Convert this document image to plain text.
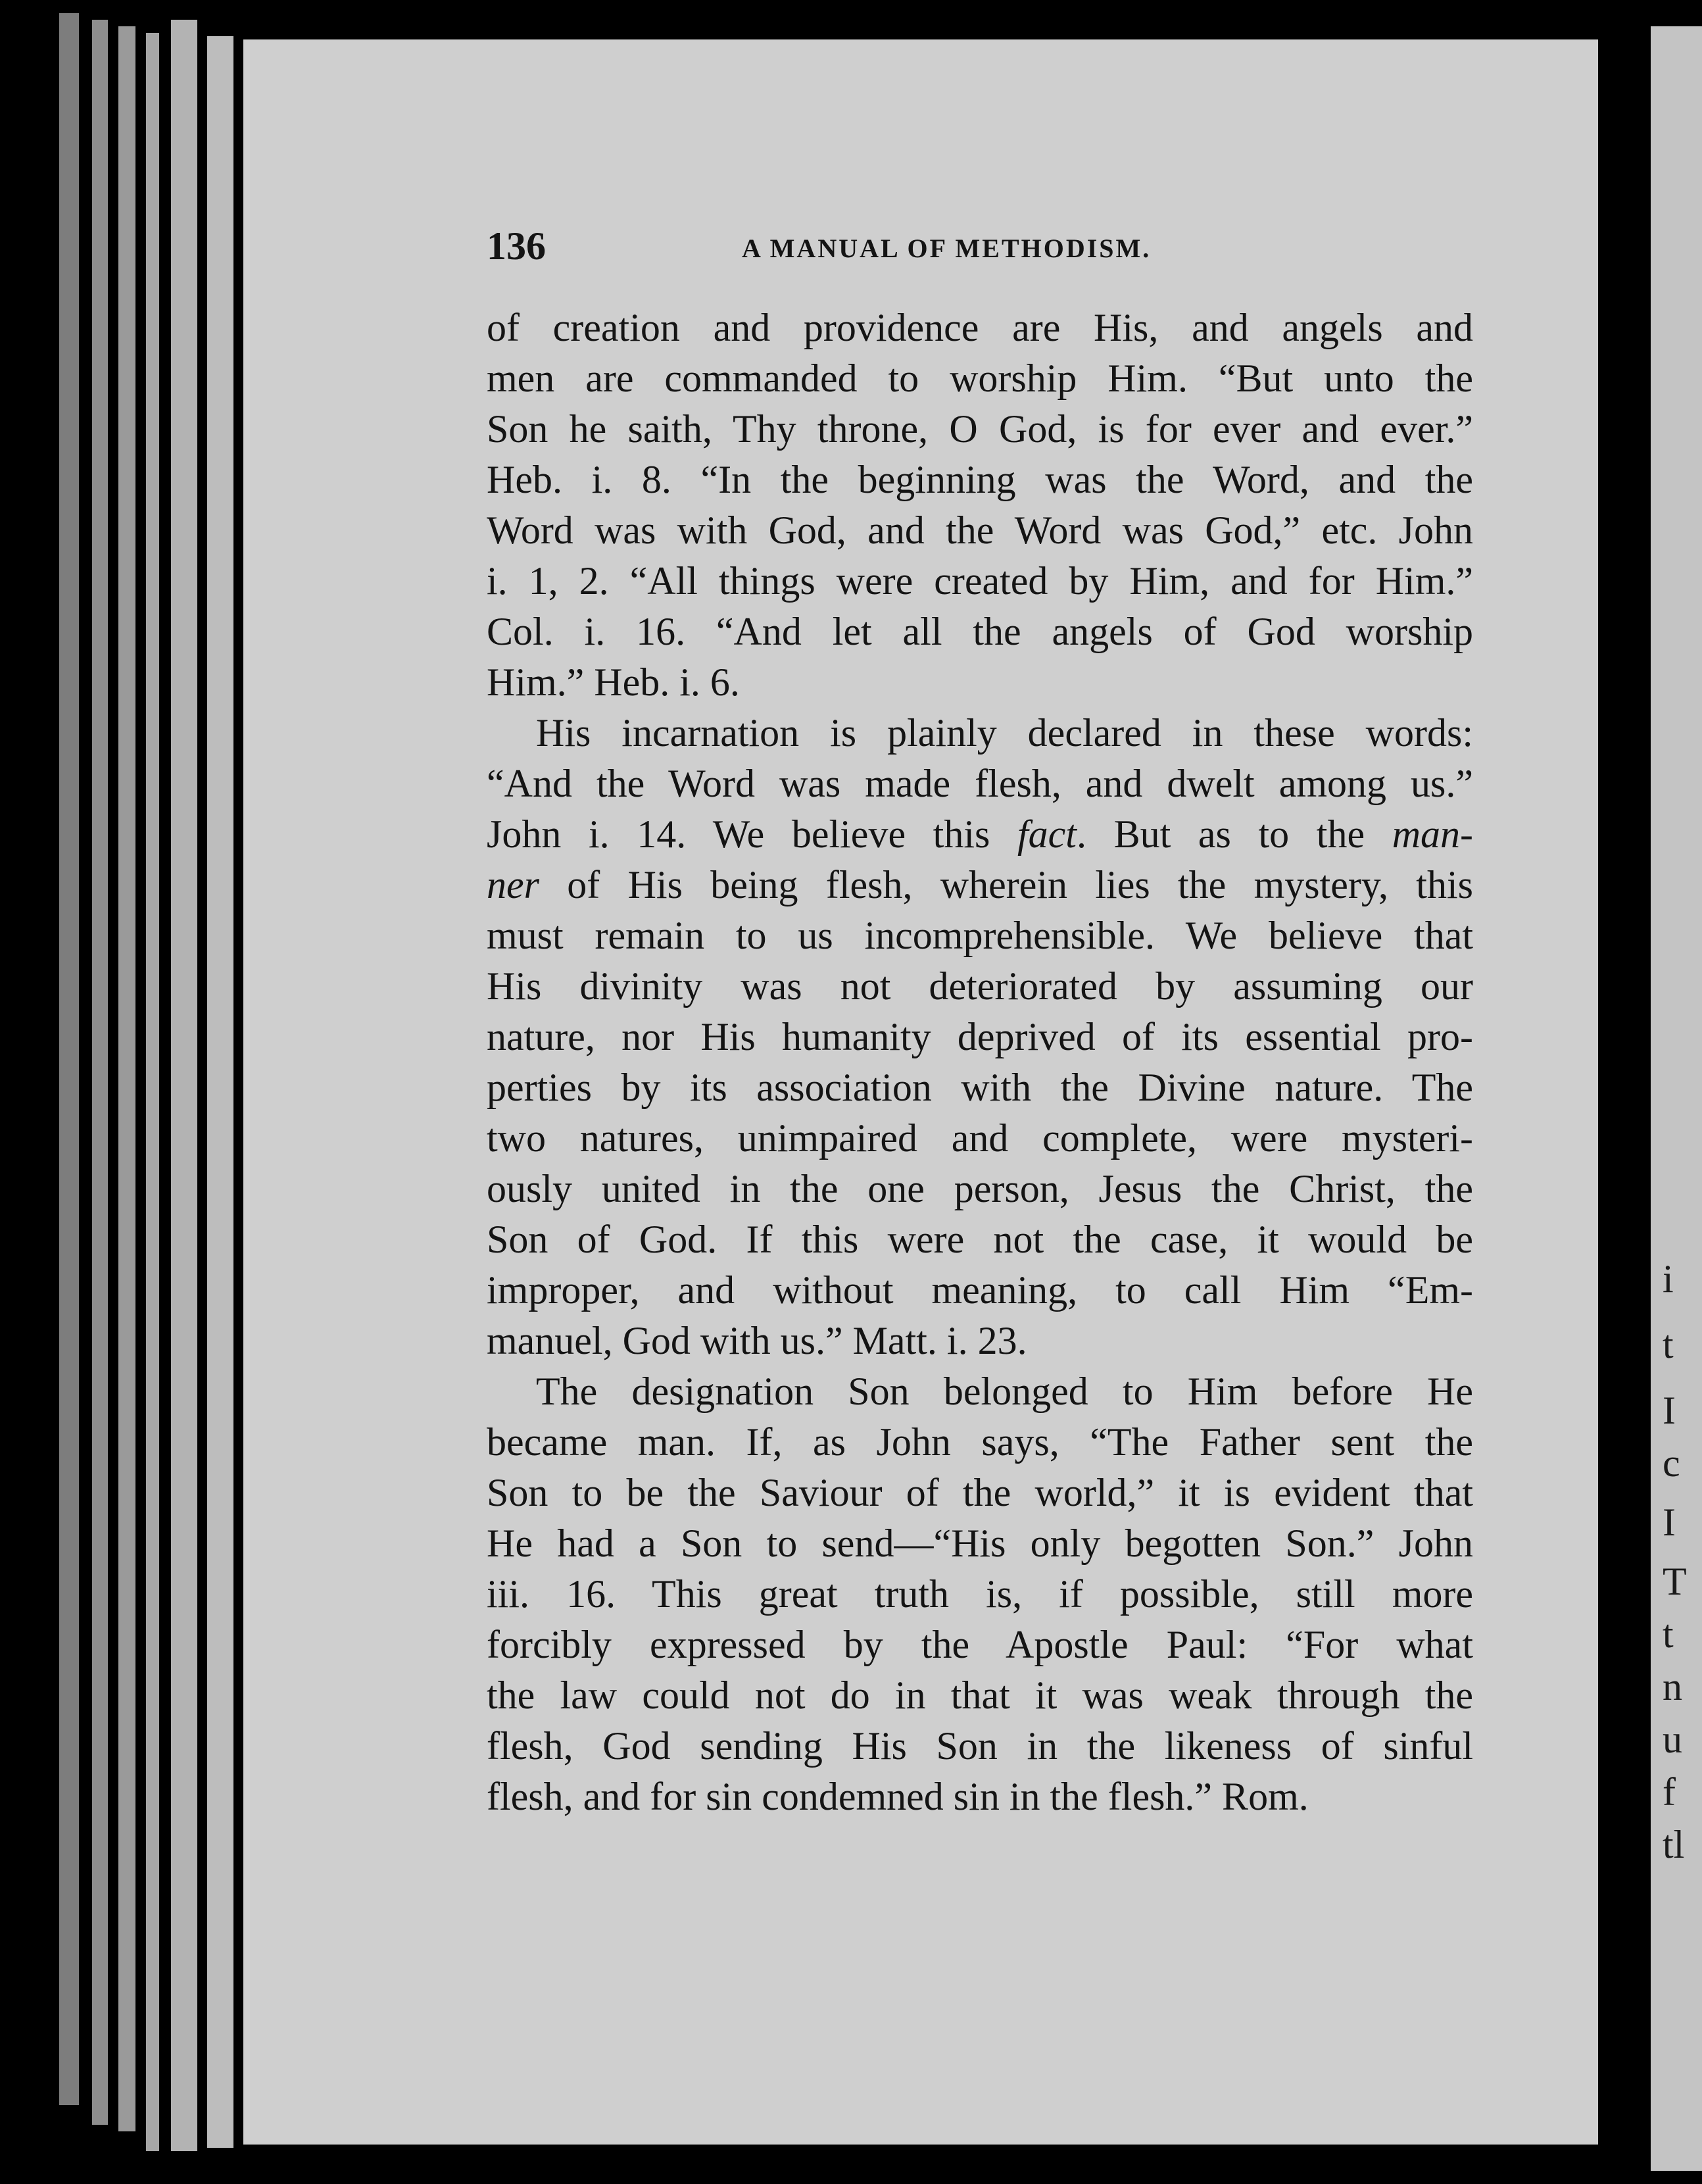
136	A MANUAL OF METHODISM.
of creation and providence are His, and angels and
men are commanded to worship Him. “But unto the
Son he saith, Thy throne, O God, is for ever and ever.”
Heb. i. 8. “In the beginning was the Word, and the
Word was with God, and the Word was God,” etc. John
i. 1, 2. “All things were created by Him, and for Him.”
Col. i. 16. “And let all the angels of God worship
Him.” Heb. i. 6.
His incarnation is plainly declared in these words:
“And the Word was made flesh, and dwelt among us.”
John i. 14. We believe this fact. But as to the man-
ner of His being flesh, wherein lies the mystery, this
must remain to us incomprehensible. We believe that
His divinity was not deteriorated by assuming our
nature, nor His humanity deprived of its essential pro-
perties by its association with the Divine nature. The
two natures, unimpaired and complete, were mysteri-
ously united in the one person, Jesus the Christ, the
Son of God. If this were not the case, it would be
improper, and without meaning, to call Him “Em-
manuel, God with us.” Matt. i. 23.
The designation Son belonged to Him before He
became man. If, as John says, “The Father sent the
Son to be the Saviour of the world,” it is evident that
He had a Son to send—“His only begotten Son.” John
iii. 16. This great truth is, if possible, still more
forcibly expressed by the Apostle Paul: “For what
the law could not do in that it was weak through the
flesh, God sending His Son in the likeness of sinful
flesh, and for sin condemned sin in the flesh.” Rom.
i
t
I
c
I
T
t
n
u
f
tl
